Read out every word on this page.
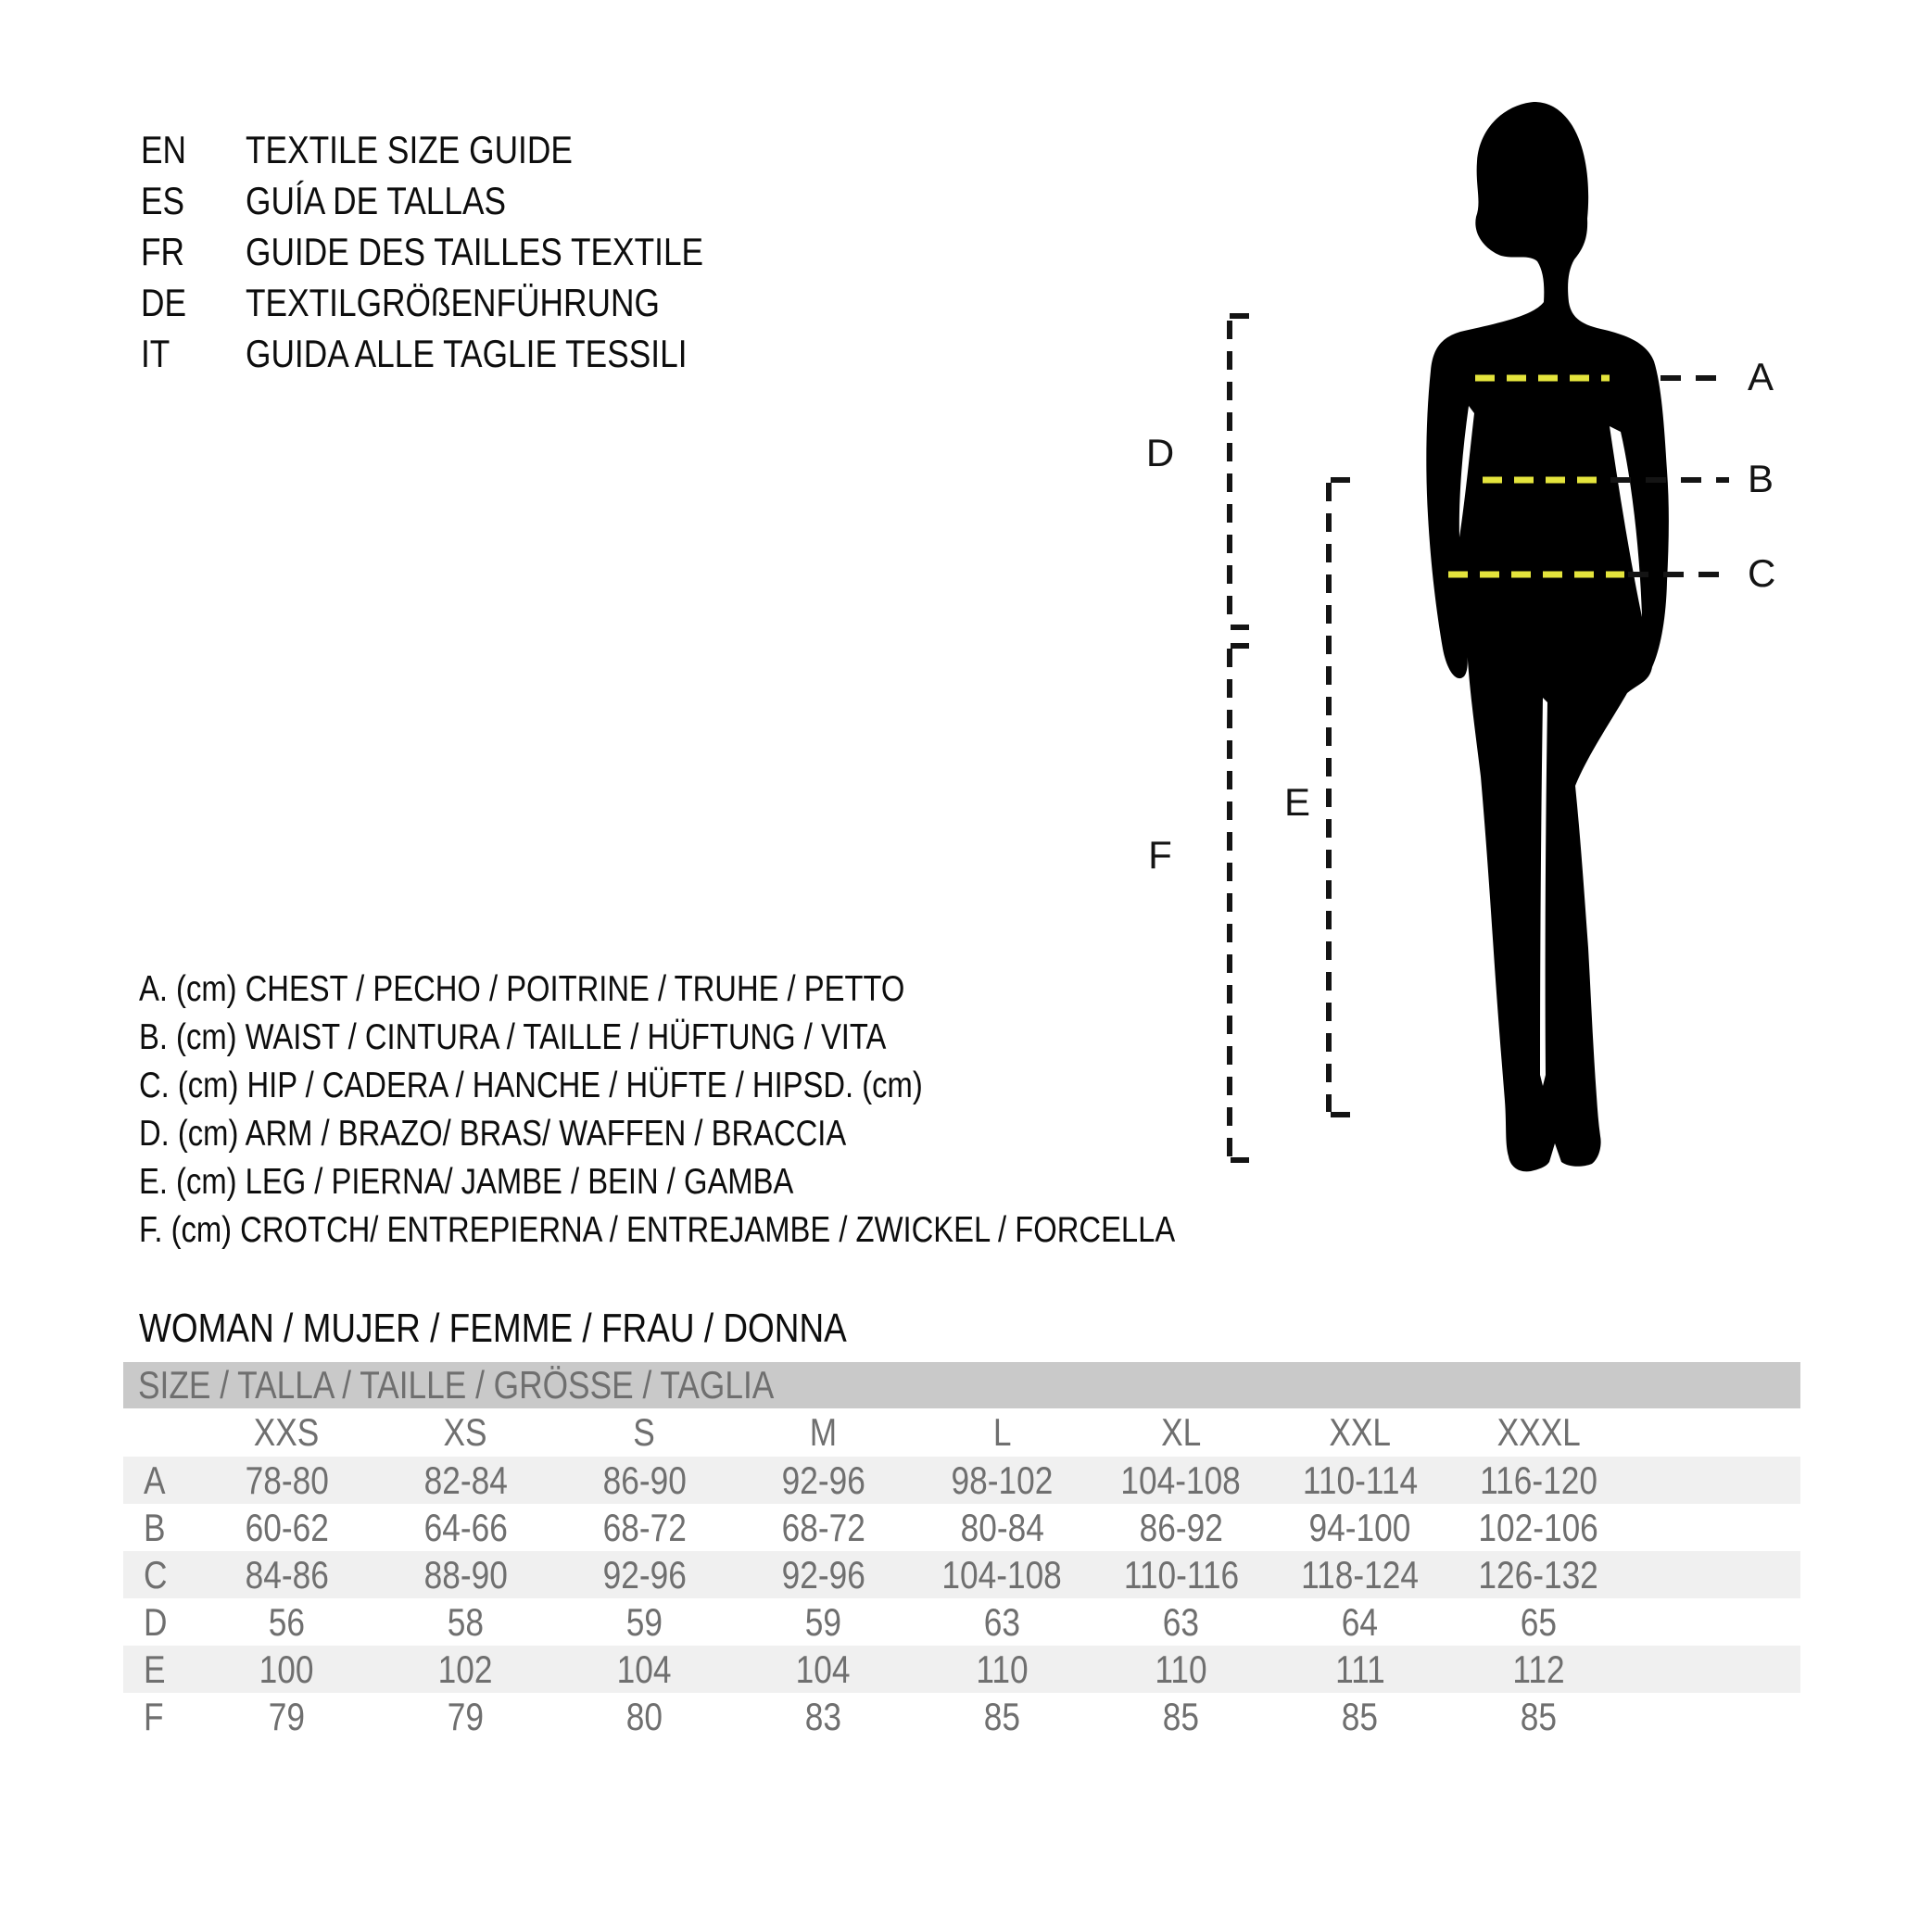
EN	TEXTILE SIZE GUIDE
ES	GUÍA DE TALLAS
FR	GUIDE DES TAILLES TEXTILE
DE	TEXTILGRÖßENFÜHRUNG
IT	GUIDA ALLE TAGLIE TESSILI
A
B
C
D
E
F
A. (cm) CHEST / PECHO / POITRINE / TRUHE / PETTO
B. (cm) WAIST / CINTURA / TAILLE / HÜFTUNG / VITA
C. (cm) HIP / CADERA / HANCHE / HÜFTE / HIPSD. (cm)
D. (cm) ARM / BRAZO/ BRAS/ WAFFEN / BRACCIA
E. (cm) LEG / PIERNA/ JAMBE / BEIN / GAMBA
F. (cm) CROTCH/ ENTREPIERNA / ENTREJAMBE / ZWICKEL / FORCELLA
WOMAN / MUJER / FEMME / FRAU / DONNA
SIZE / TALLA / TAILLE / GRÖSSE / TAGLIA
XXS	XS	S	M	L	XL	XXL	XXXL
A 78-80 82-84 86-90 92-96 98-102 104-108 110-114 116-120
B 60-62 64-66 68-72 68-72 80-84 86-92 94-100 102-106
C 84-86 88-90 92-96 92-96 104-108 110-116 118-124 126-132
D	56	58	59	59	63	63	64	65
E 100	102	104	104	110	110	111	112
F	79	79	80	83	85	85	85	85
